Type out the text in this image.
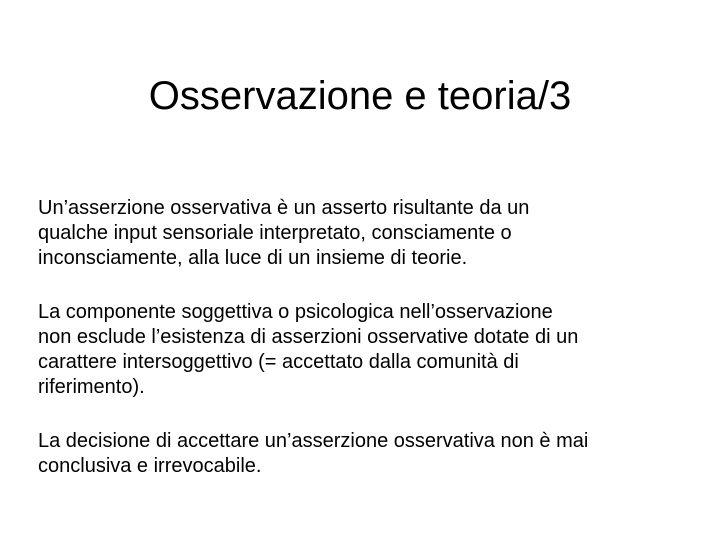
Osservazione e teoria/3

Un’asserzione osservativa è un asserto risultante da un
qualche input sensoriale interpretato, consciamente o
inconsciamente, alla luce di un insieme di teorie.

La componente soggettiva o psicologica nell’osservazione
non esclude l’esistenza di asserzioni osservative dotate di un
carattere intersoggettivo (= accettato dalla comunità di
riferimento).

La decisione di accettare un’asserzione osservativa non è mai
conclusiva e irrevocabile.
